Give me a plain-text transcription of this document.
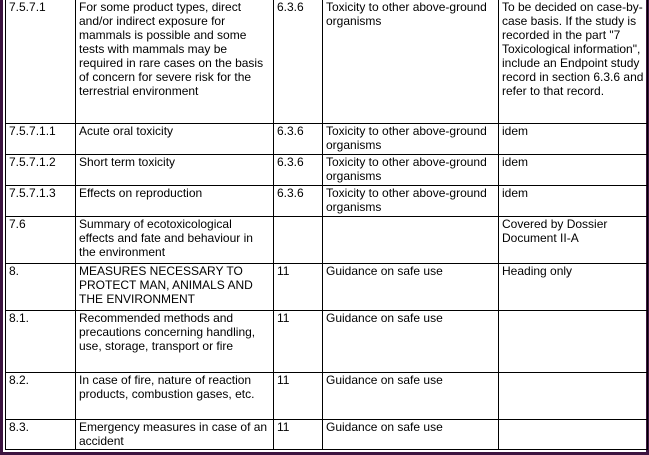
7.5.7.1	For some product types, direct and/or indirect exposure for mammals is possible and some tests with mammals may be required in rare cases on the basis of concern for severe risk for the terrestrial environment	6.3.6	Toxicity to other above-ground organisms	To be decided on case-by-case basis. If the study is recorded in the part "7 Toxicological information", include an Endpoint study record in section 6.3.6 and refer to that record.
7.5.7.1.1	Acute oral toxicity	6.3.6	Toxicity to other above-ground organisms	idem
7.5.7.1.2	Short term toxicity	6.3.6	Toxicity to other above-ground organisms	idem
7.5.7.1.3	Effects on reproduction	6.3.6	Toxicity to other above-ground organisms	idem
7.6	Summary of ecotoxicological effects and fate and behaviour in the environment			Covered by Dossier Document II-A
8.	MEASURES NECESSARY TO PROTECT MAN, ANIMALS AND THE ENVIRONMENT	11	Guidance on safe use	Heading only
8.1.	Recommended methods and precautions concerning handling, use, storage, transport or fire	11	Guidance on safe use	
8.2.	In case of fire, nature of reaction products, combustion gases, etc.	11	Guidance on safe use	
8.3.	Emergency measures in case of an accident	11	Guidance on safe use	
